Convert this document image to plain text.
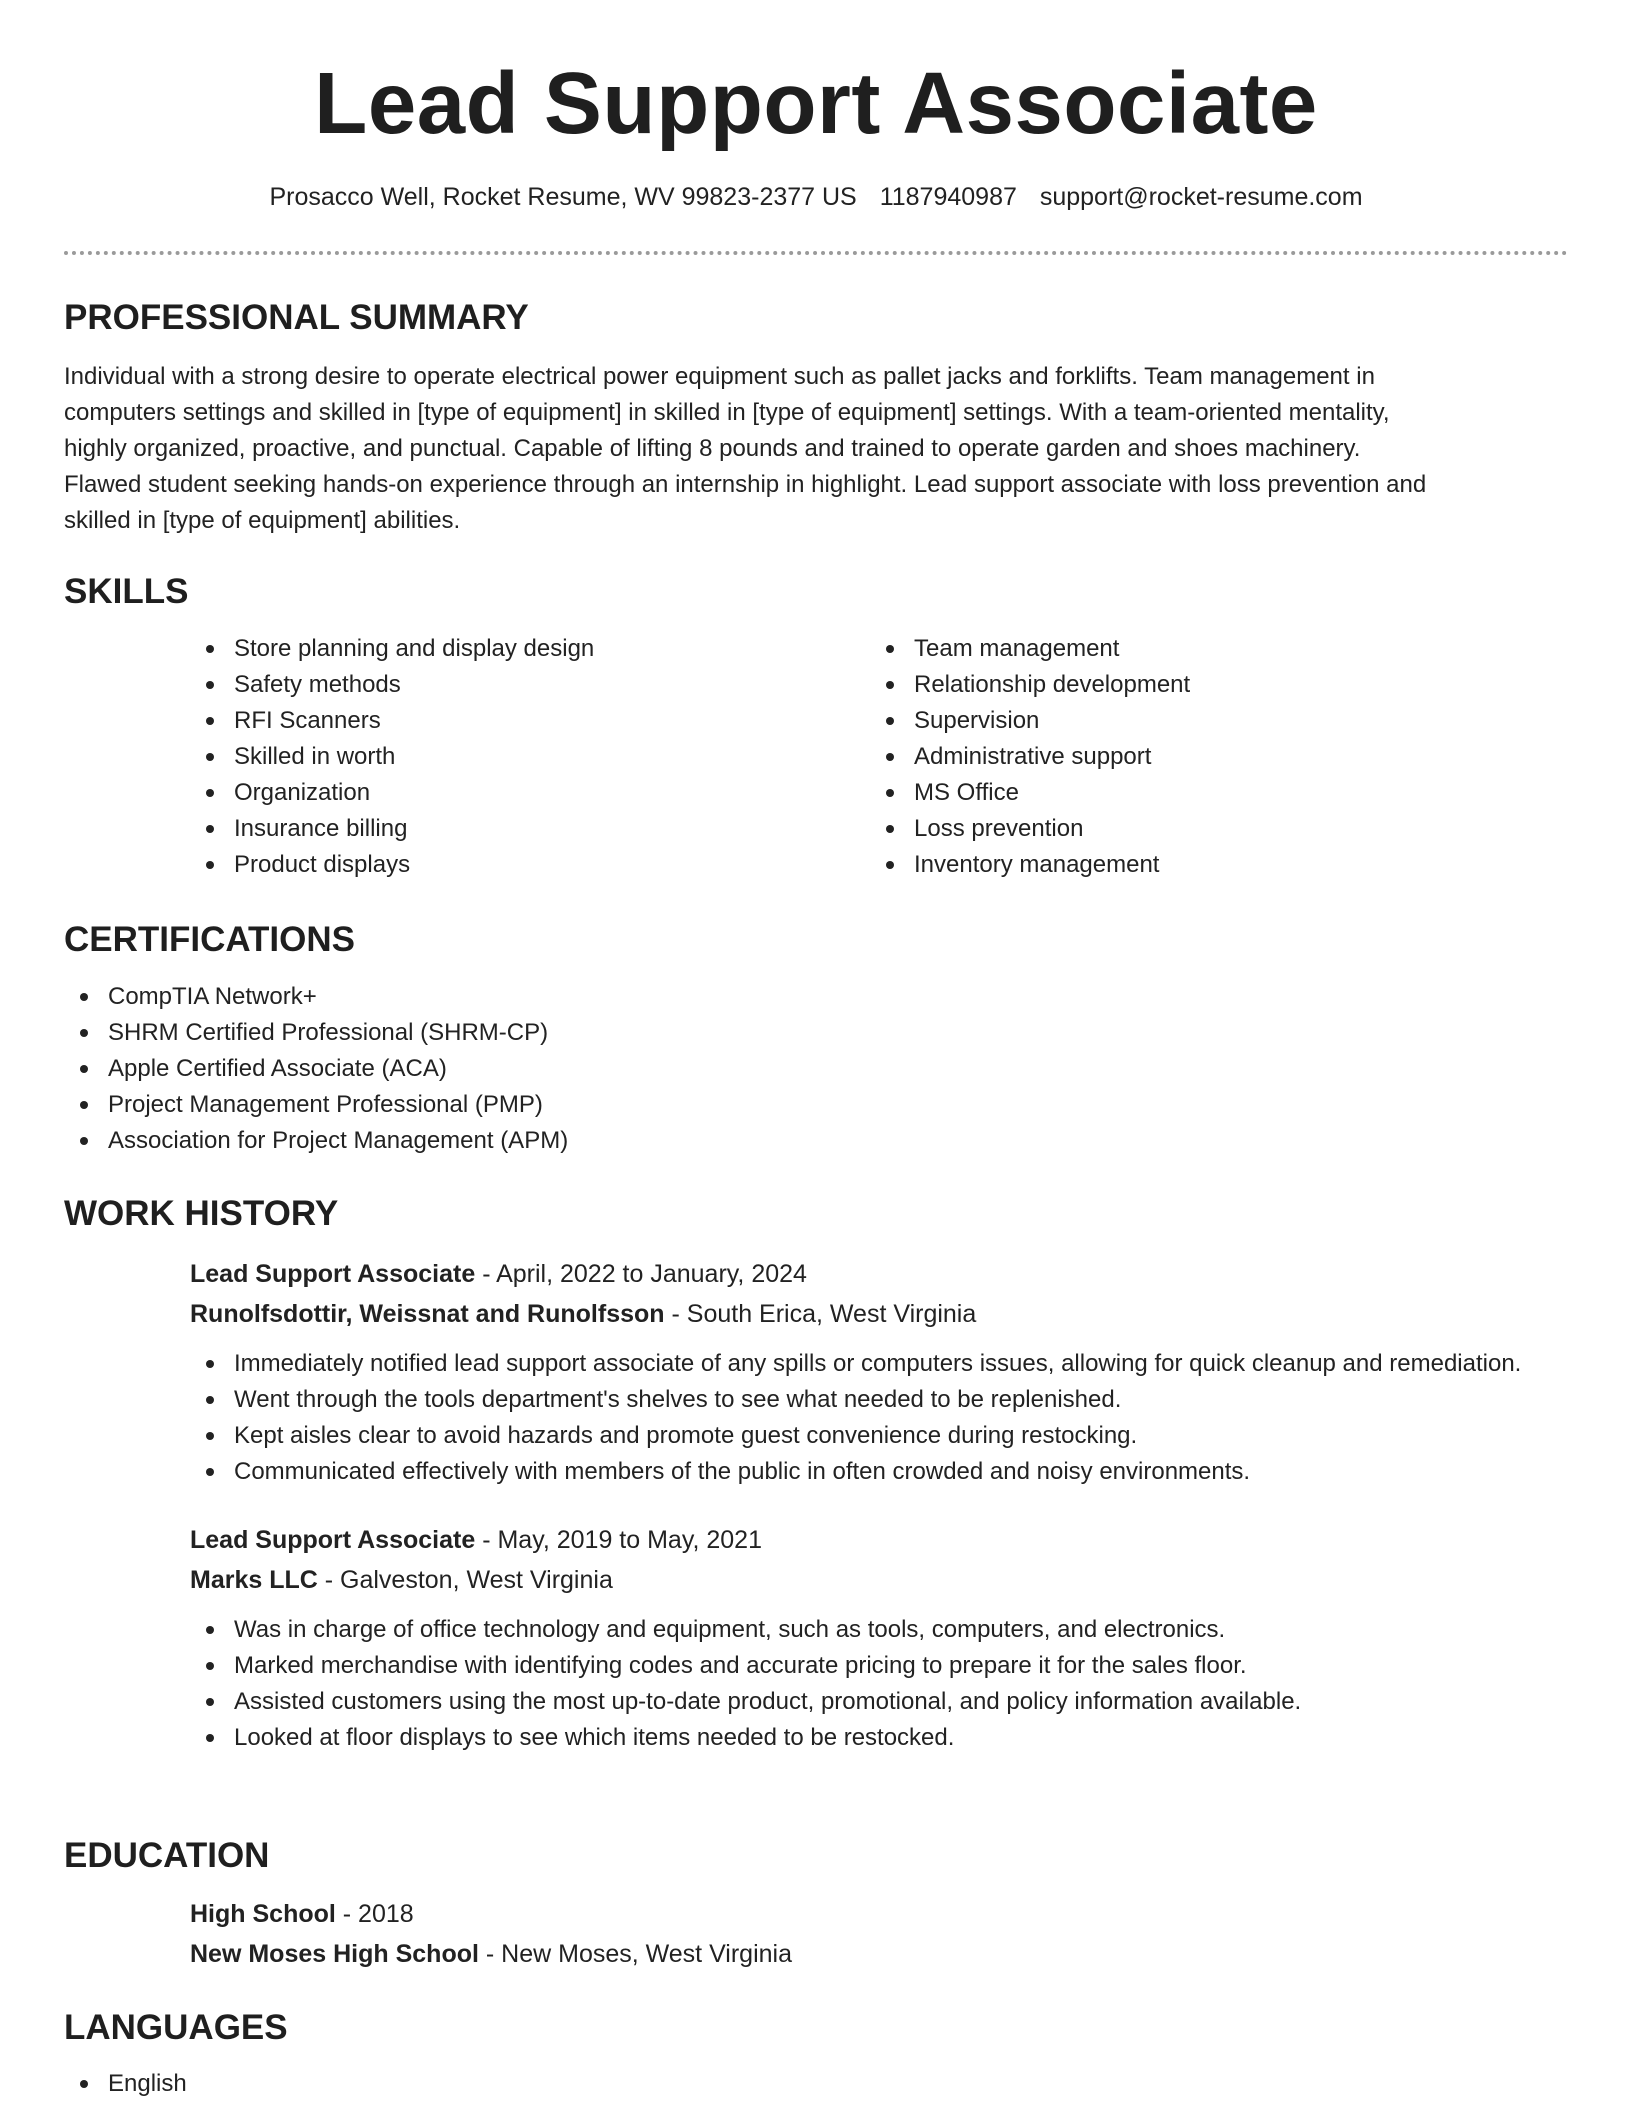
Lead Support Associate
Prosacco Well, Rocket Resume, WV 99823-2377 US 1187940987 support@rocket-resume.com
PROFESSIONAL SUMMARY

Individual with a strong desire to operate electrical power equipment such as pallet jacks and forklifts. Team management in computers settings and skilled in [type of equipment] in skilled in [type of equipment] settings. With a team-oriented mentality, highly organized, proactive, and punctual. Capable of lifting 8 pounds and trained to operate garden and shoes machinery. Flawed student seeking hands-on experience through an internship in highlight. Lead support associate with loss prevention and skilled in [type of equipment] abilities.

SKILLS
Store planning and display design
Safety methods
RFI Scanners
Skilled in worth
Organization
Insurance billing
Product displays
Team management
Relationship development
Supervision
Administrative support
MS Office
Loss prevention
Inventory management
CERTIFICATIONS
CompTIA Network+
SHRM Certified Professional (SHRM-CP)
Apple Certified Associate (ACA)
Project Management Professional (PMP)
Association for Project Management (APM)
WORK HISTORY
Lead Support Associate - April, 2022 to January, 2024
Runolfsdottir, Weissnat and Runolfsson - South Erica, West Virginia
Immediately notified lead support associate of any spills or computers issues, allowing for quick cleanup and remediation.
Went through the tools department's shelves to see what needed to be replenished.
Kept aisles clear to avoid hazards and promote guest convenience during restocking.
Communicated effectively with members of the public in often crowded and noisy environments.
Lead Support Associate - May, 2019 to May, 2021
Marks LLC - Galveston, West Virginia
Was in charge of office technology and equipment, such as tools, computers, and electronics.
Marked merchandise with identifying codes and accurate pricing to prepare it for the sales floor.
Assisted customers using the most up-to-date product, promotional, and policy information available.
Looked at floor displays to see which items needed to be restocked.
EDUCATION
High School - 2018
New Moses High School - New Moses, West Virginia
LANGUAGES
English
